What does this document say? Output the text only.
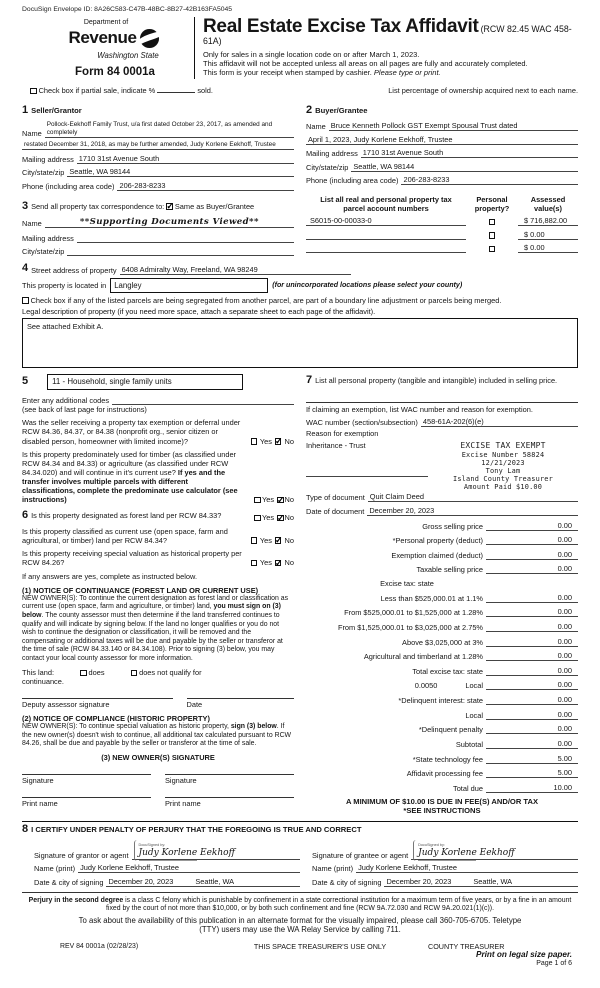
DocuSign Envelope ID: 8A26C583-C47B-48BC-8B27-42B163FA5045
Department of
Revenue
Washington State
Form 84 0001a
Real Estate Excise Tax Affidavit (RCW 82.45 WAC 458-61A)
Only for sales in a single location code on or after March 1, 2023.
This affidavit will not be accepted unless all areas on all pages are fully and accurately completed.
This form is your receipt when stamped by cashier. Please type or print.
Check box if partial sale, indicate %	sold.	List percentage of ownership acquired next to each name.
1 Seller/Grantor
Name
Pollock-Eekhoff Family Trust, u/a first dated October 23, 2017, as amended and completely
restated December 31, 2018, as may be further amended, Judy Korlene Eekhoff, Trustee
Mailing address 1710 31st Avenue South
City/state/zip Seattle, WA 98144
Phone (including area code) 206-283-8233
2 Buyer/Grantee
Name Bruce Kenneth Pollock GST Exempt Spousal Trust dated
April 1, 2023, Judy Korlene Eekhoff, Trustee
Mailing address 1710 31st Avenue South
City/state/zip Seattle, WA 98144
Phone (including area code) 206-283-8233
3 Send all property tax correspondence to: ✓ Same as Buyer/Grantee
Name	**Supporting Documents Viewed**
Mailing address
City/state/zip
List all real and personal property tax
parcel account numbers
Personal
property?
Assessed
value(s)
S6015-00-00033-0	$ 716,882.00
$ 0.00
$ 0.00
4 Street address of property 6408 Admiralty Way, Freeland, WA 98249
This property is located in	Langley	(for unincorporated locations please select your county)
Check box if any of the listed parcels are being segregated from another parcel, are part of a boundary line adjustment or parcels being merged.
Legal description of property (if you need more space, attach a separate sheet to each page of the affidavit).
See attached Exhibit A.
5	11 - Household, single family units
Enter any additional codes
(see back of last page for instructions)
Was the seller receiving a property tax exemption or deferral under RCW 84.36, 84.37, or 84.38 (nonprofit org., senior citizen or disabled person, homeowner with limited income)?	Yes ✓ No
Is this property predominately used for timber (as classified under RCW 84.34 and 84.33) or agriculture (as classified under RCW 84.34.020) and will continue in it's current use? If yes and the transfer involves multiple parcels with different classifications, complete the predominate use calculator (see instructions)	Yes ✓ No
6 Is this property designated as forest land per RCW 84.33?	Yes ✓ No
Is this property classified as current use (open space, farm and agricultural, or timber) land per RCW 84.34?	Yes ✓ No
Is this property receiving special valuation as historical property per RCW 84.26?	Yes ✓ No
If any answers are yes, complete as instructed below.
(1) NOTICE OF CONTINUANCE (FOREST LAND OR CURRENT USE)
NEW OWNER(S): To continue the current designation as forest land or classification as current use (open space, farm and agriculture, or timber) land, you must sign on (3) below. The county assessor must then determine if the land transferred continues to qualify and will indicate by signing below. If the land no longer qualifies or you do not wish to continue the designation or classification, it will be removed and the compensating or additional taxes will be due and payable by the seller or transferor at the time of sale (RCW 84.33.140 or 84.34.108). Prior to signing (3) below, you may contact your local county assessor for more information.
This land:	does	does not qualify for
continuance.
Deputy assessor signature	Date
(2) NOTICE OF COMPLIANCE (HISTORIC PROPERTY)
NEW OWNER(S): To continue special valuation as historic property, sign (3) below. If the new owner(s) doesn't wish to continue, all additional tax calculated pursuant to RCW 84.26, shall be due and payable by the seller or transferor at the time of sale.
(3) NEW OWNER(S) SIGNATURE
Signature	Signature
Print name	Print name
7 List all personal property (tangible and intangible) included in selling price.
If claiming an exemption, list WAC number and reason for exemption.
WAC number (section/subsection) 458-61A-202(6)(e)
Reason for exemption
Inheritance - Trust	EXCISE TAX EXEMPT
Excise Number 58824
12/21/2023
Tony Lam
Island County Treasurer
Amount Paid $10.00
Type of document Quit Claim Deed
Date of document December 20, 2023
Gross selling price	0.00
*Personal property (deduct)	0.00
Exemption claimed (deduct)	0.00
Taxable selling price	0.00
Excise tax: state
Less than $525,000.01 at 1.1%	0.00
From $525,000.01 to $1,525,000 at 1.28%	0.00
From $1,525,000.01 to $3,025,000 at 2.75%	0.00
Above $3,025,000 at 3%	0.00
Agricultural and timberland at 1.28%	0.00
Total excise tax: state	0.00
0.0050	Local	0.00
*Delinquent interest: state	0.00
Local	0.00
*Delinquent penalty	0.00
Subtotal	0.00
*State technology fee	5.00
Affidavit processing fee	5.00
Total due	10.00
A MINIMUM OF $10.00 IS DUE IN FEE(S) AND/OR TAX
*SEE INSTRUCTIONS
8 I CERTIFY UNDER PENALTY OF PERJURY THAT THE FOREGOING IS TRUE AND CORRECT
Signature of grantor or agent
DocuSigned by:
Judy Korlene Eekhoff
Name (print) Judy Korlene Eekhoff, Trustee
Date & city of signing December 20, 2023	Seattle, WA
Signature of grantee or agent
DocuSigned by:
Judy Korlene Eekhoff
Name (print) Judy Korlene Eekhoff, Trustee
Date & city of signing December 20, 2023	Seattle, WA
Perjury in the second degree is a class C felony which is punishable by confinement in a state correctional institution for a maximum term of five years, or by a fine in an amount fixed by the court of not more than $10,000, or by both such confinement and fine (RCW 9A.72.030 and RCW 9A.20.021(1)(c)).
To ask about the availability of this publication in an alternate format for the visually impaired, please call 360-705-6705. Teletype
(TTY) users may use the WA Relay Service by calling 711.
REV 84 0001a (02/28/23)	THIS SPACE TREASURER'S USE ONLY	COUNTY TREASURER
Print on legal size paper.
Page 1 of 6
